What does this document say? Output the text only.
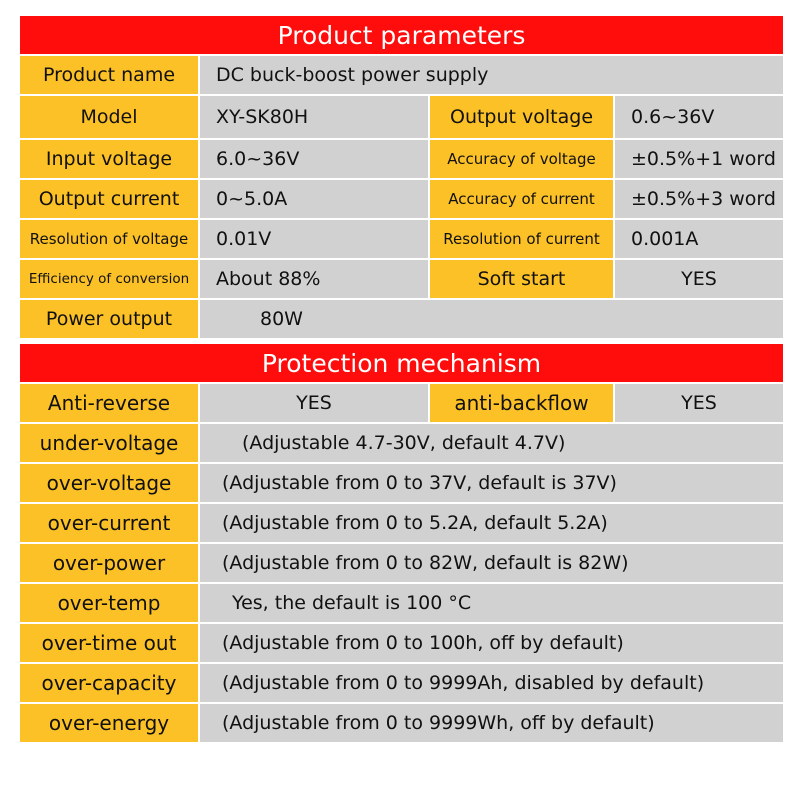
Product parameters			
Product name	DC buck-boost power supply		
Model	XY-SK80H	Output voltage	0.6~36V
Input voltage	6.0~36V	Accuracy of voltage	±0.5%+1 word
Output current	0~5.0A	Accuracy of current	±0.5%+3 word
Resolution of voltage	0.01V	Resolution of current	0.001A
Efficiency of conversion	About 88%	Soft start	YES
Power output	80W		
Protection mechanism			
Anti-reverse	YES	anti-backflow	YES
under-voltage	(Adjustable 4.7-30V, default 4.7V)		
over-voltage	(Adjustable from 0 to 37V, default is 37V)		
over-current	(Adjustable from 0 to 5.2A, default 5.2A)		
over-power	(Adjustable from 0 to 82W, default is 82W)		
over-temp	Yes, the default is 100 °C		
over-time out	(Adjustable from 0 to 100h, off by default)		
over-capacity	(Adjustable from 0 to 9999Ah, disabled by default)		
over-energy	(Adjustable from 0 to 9999Wh, off by default)		
